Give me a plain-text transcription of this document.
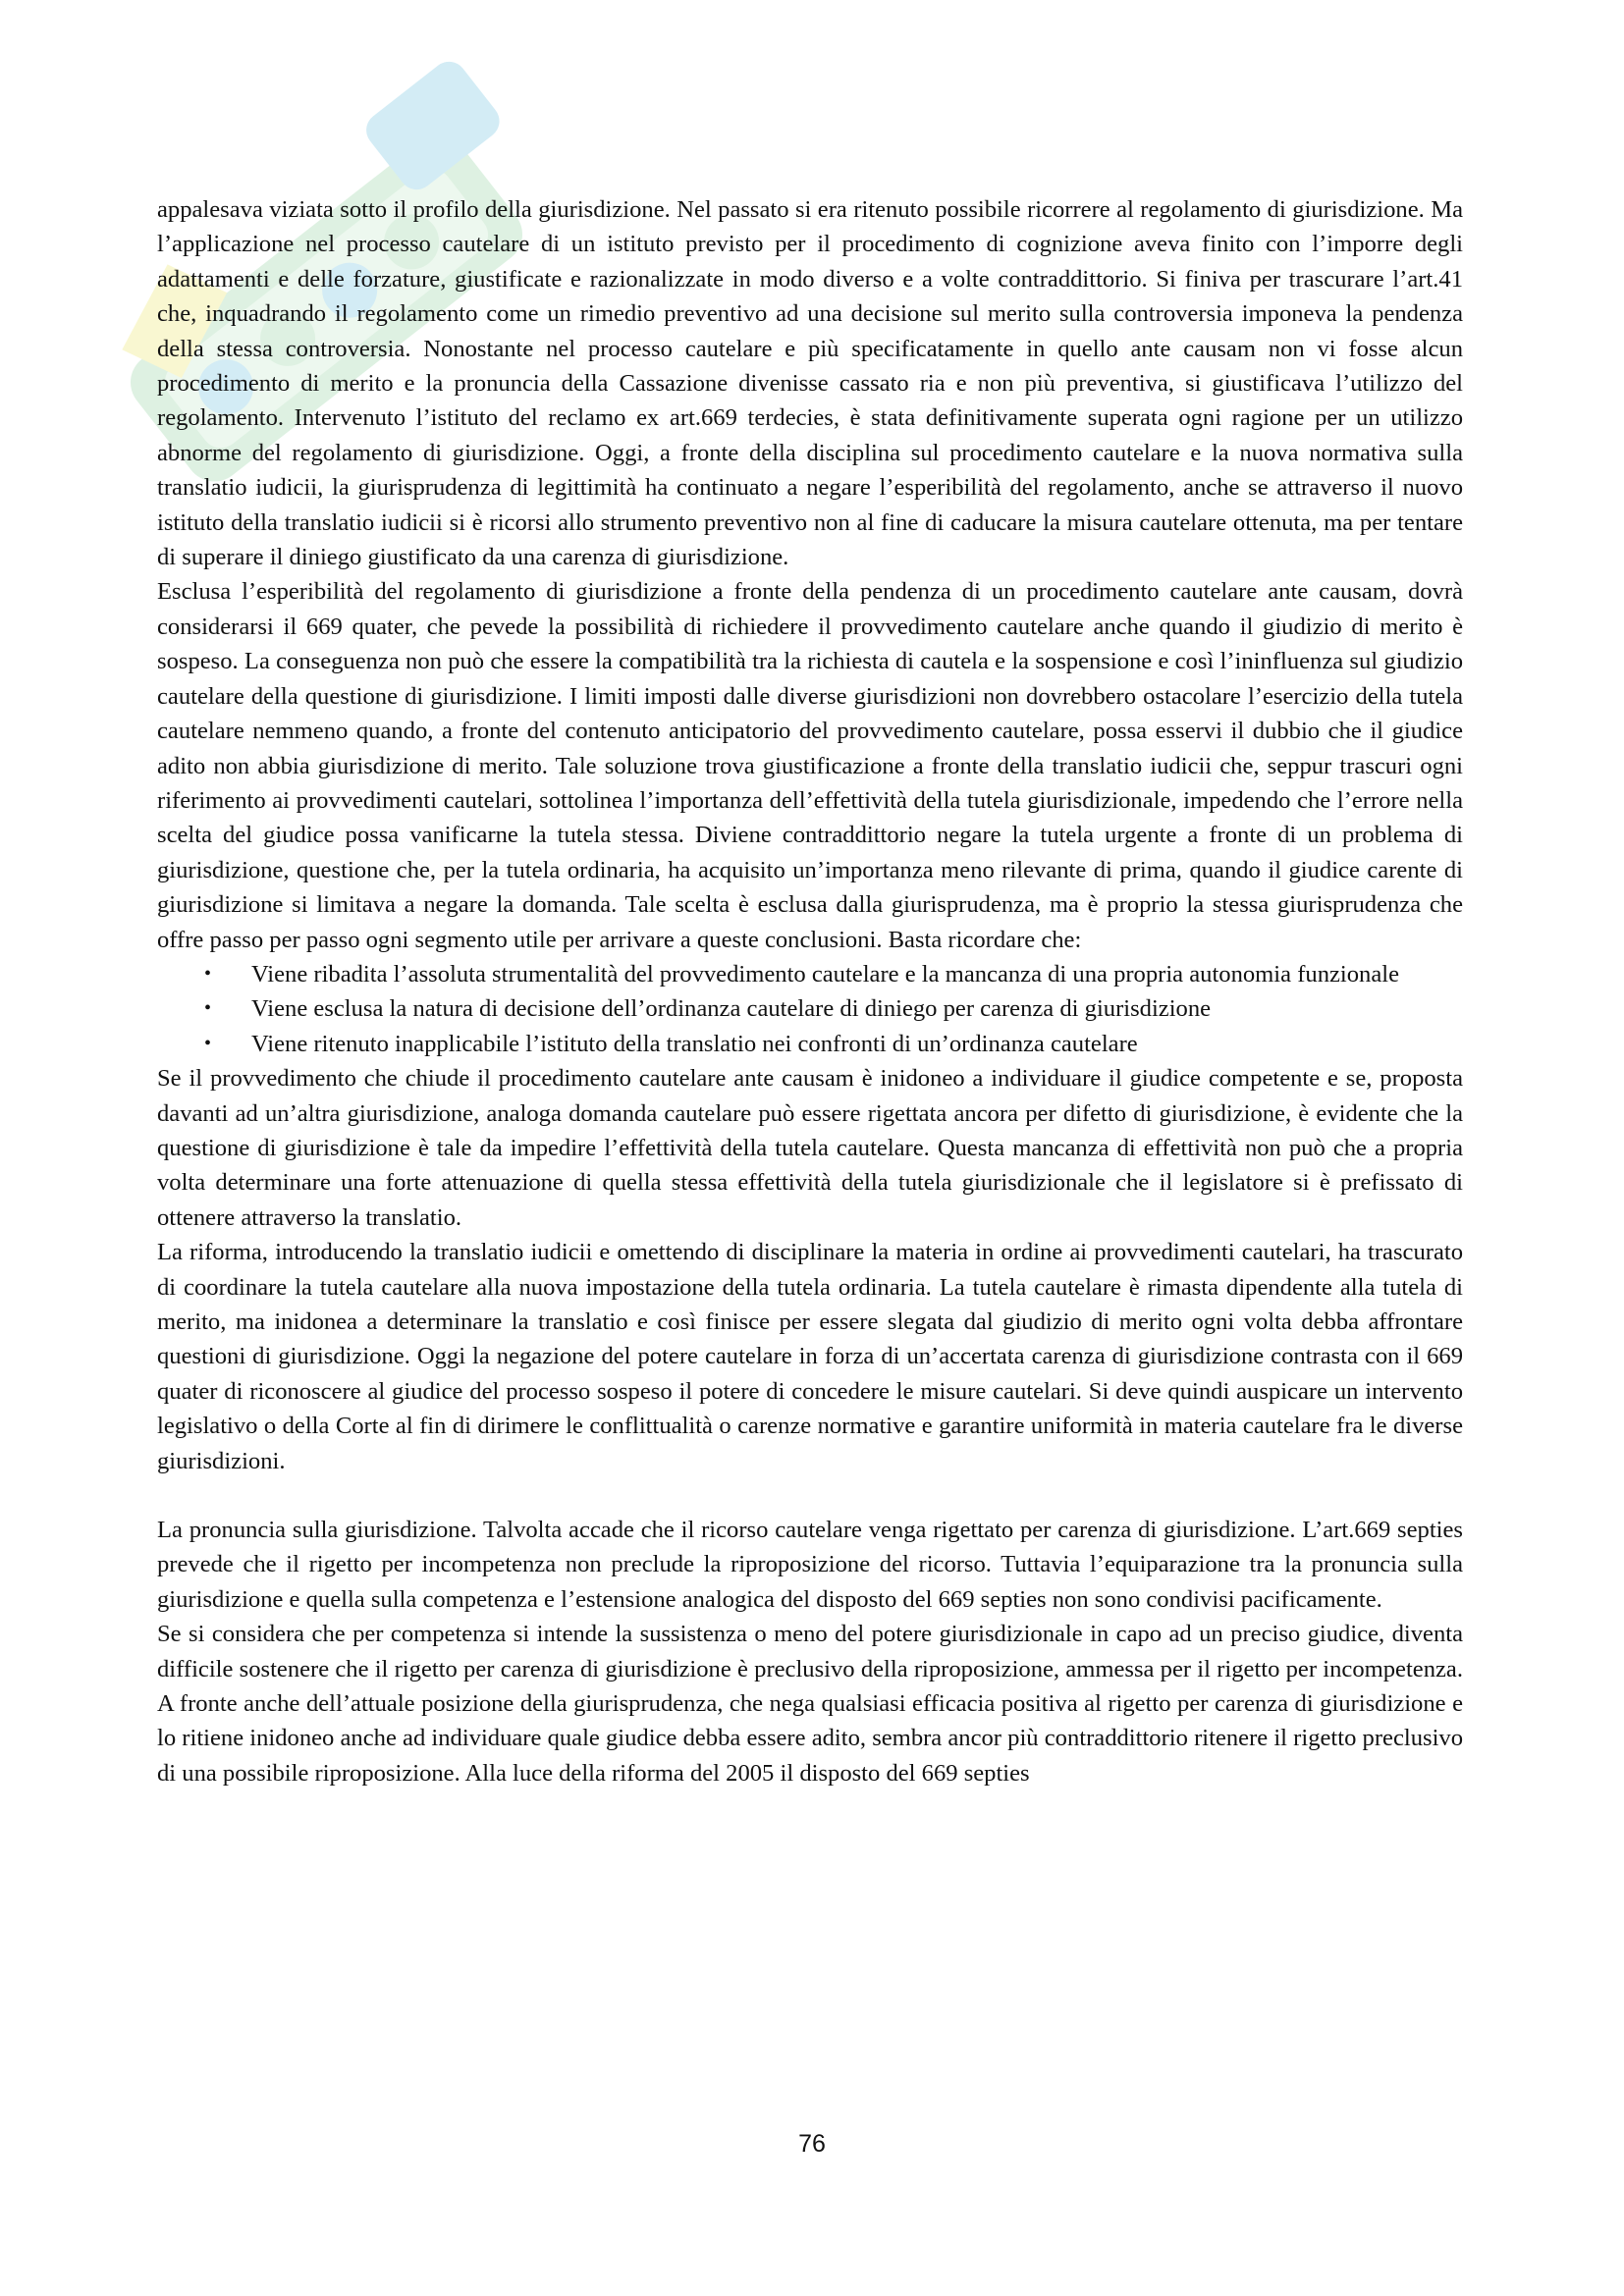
appalesava viziata sotto il profilo della giurisdizione. Nel passato si era ritenuto possibile ricorrere al regolamento di giurisdizione. Ma l’applicazione nel processo cautelare di un istituto previsto per il procedimento di cognizione aveva finito con l’imporre degli adattamenti e delle forzature, giustificate e razionalizzate in modo diverso e a volte contraddittorio. Si finiva per trascurare l’art.41 che, inquadrando il regolamento come un rimedio preventivo ad una decisione sul merito sulla controversia imponeva la pendenza della stessa controversia. Nonostante nel processo cautelare e più specificatamente in quello ante causam non vi fosse alcun procedimento di merito e la pronuncia della Cassazione divenisse cassato ria e non più preventiva, si giustificava l’utilizzo del regolamento. Intervenuto l’istituto del reclamo ex art.669 terdecies, è stata definitivamente superata ogni ragione per un utilizzo abnorme del regolamento di giurisdizione. Oggi, a fronte della disciplina sul procedimento cautelare e la nuova normativa sulla translatio iudicii, la giurisprudenza di legittimità ha continuato a negare l’esperibilità del regolamento, anche se attraverso il nuovo istituto della translatio iudicii si è ricorsi allo strumento preventivo non al fine di caducare la misura cautelare ottenuta, ma per tentare di superare il diniego giustificato da una carenza di giurisdizione.

Esclusa l’esperibilità del regolamento di giurisdizione a fronte della pendenza di un procedimento cautelare ante causam, dovrà considerarsi il 669 quater, che pevede la possibilità di richiedere il provvedimento cautelare anche quando il giudizio di merito è sospeso. La conseguenza non può che essere la compatibilità tra la richiesta di cautela e la sospensione e così l’ininfluenza sul giudizio cautelare della questione di giurisdizione. I limiti imposti dalle diverse giurisdizioni non dovrebbero ostacolare l’esercizio della tutela cautelare nemmeno quando, a fronte del contenuto anticipatorio del provvedimento cautelare, possa esservi il dubbio che il giudice adito non abbia giurisdizione di merito. Tale soluzione trova giustificazione a fronte della translatio iudicii che, seppur trascuri ogni riferimento ai provvedimenti cautelari, sottolinea l’importanza dell’effettività della tutela giurisdizionale, impedendo che l’errore nella scelta del giudice possa vanificarne la tutela stessa. Diviene contraddittorio negare la tutela urgente a fronte di un problema di giurisdizione, questione che, per la tutela ordinaria, ha acquisito un’importanza meno rilevante di prima, quando il giudice carente di giurisdizione si limitava a negare la domanda. Tale scelta è esclusa dalla giurisprudenza, ma è proprio la stessa giurisprudenza che offre passo per passo ogni segmento utile per arrivare a queste conclusioni. Basta ricordare che:

• Viene ribadita l’assoluta strumentalità del provvedimento cautelare e la mancanza di una propria autonomia funzionale
• Viene esclusa la natura di decisione dell’ordinanza cautelare di diniego per carenza di giurisdizione
• Viene ritenuto inapplicabile l’istituto della translatio nei confronti di un’ordinanza cautelare

Se il provvedimento che chiude il procedimento cautelare ante causam è inidoneo a individuare il giudice competente e se, proposta davanti ad un’altra giurisdizione, analoga domanda cautelare può essere rigettata ancora per difetto di giurisdizione, è evidente che la questione di giurisdizione è tale da impedire l’effettività della tutela cautelare. Questa mancanza di effettività non può che a propria volta determinare una forte attenuazione di quella stessa effettività della tutela giurisdizionale che il legislatore si è prefissato di ottenere attraverso la translatio.

La riforma, introducendo la translatio iudicii e omettendo di disciplinare la materia in ordine ai provvedimenti cautelari, ha trascurato di coordinare la tutela cautelare alla nuova impostazione della tutela ordinaria. La tutela cautelare è rimasta dipendente alla tutela di merito, ma inidonea a determinare la translatio e così finisce per essere slegata dal giudizio di merito ogni volta debba affrontare questioni di giurisdizione. Oggi la negazione del potere cautelare in forza di un’accertata carenza di giurisdizione contrasta con il 669 quater di riconoscere al giudice del processo sospeso il potere di concedere le misure cautelari. Si deve quindi auspicare un intervento legislativo o della Corte al fin di dirimere le conflittualità o carenze normative e garantire uniformità in materia cautelare fra le diverse giurisdizioni.

La pronuncia sulla giurisdizione. Talvolta accade che il ricorso cautelare venga rigettato per carenza di giurisdizione. L’art.669 septies prevede che il rigetto per incompetenza non preclude la riproposizione del ricorso. Tuttavia l’equiparazione tra la pronuncia sulla giurisdizione e quella sulla competenza e l’estensione analogica del disposto del 669 septies non sono condivisi pacificamente.

Se si considera che per competenza si intende la sussistenza o meno del potere giurisdizionale in capo ad un preciso giudice, diventa difficile sostenere che il rigetto per carenza di giurisdizione è preclusivo della riproposizione, ammessa per il rigetto per incompetenza. A fronte anche dell’attuale posizione della giurisprudenza, che nega qualsiasi efficacia positiva al rigetto per carenza di giurisdizione e lo ritiene inidoneo anche ad individuare quale giudice debba essere adito, sembra ancor più contraddittorio ritenere il rigetto preclusivo di una possibile riproposizione. Alla luce della riforma del 2005 il disposto del 669 septies

76
